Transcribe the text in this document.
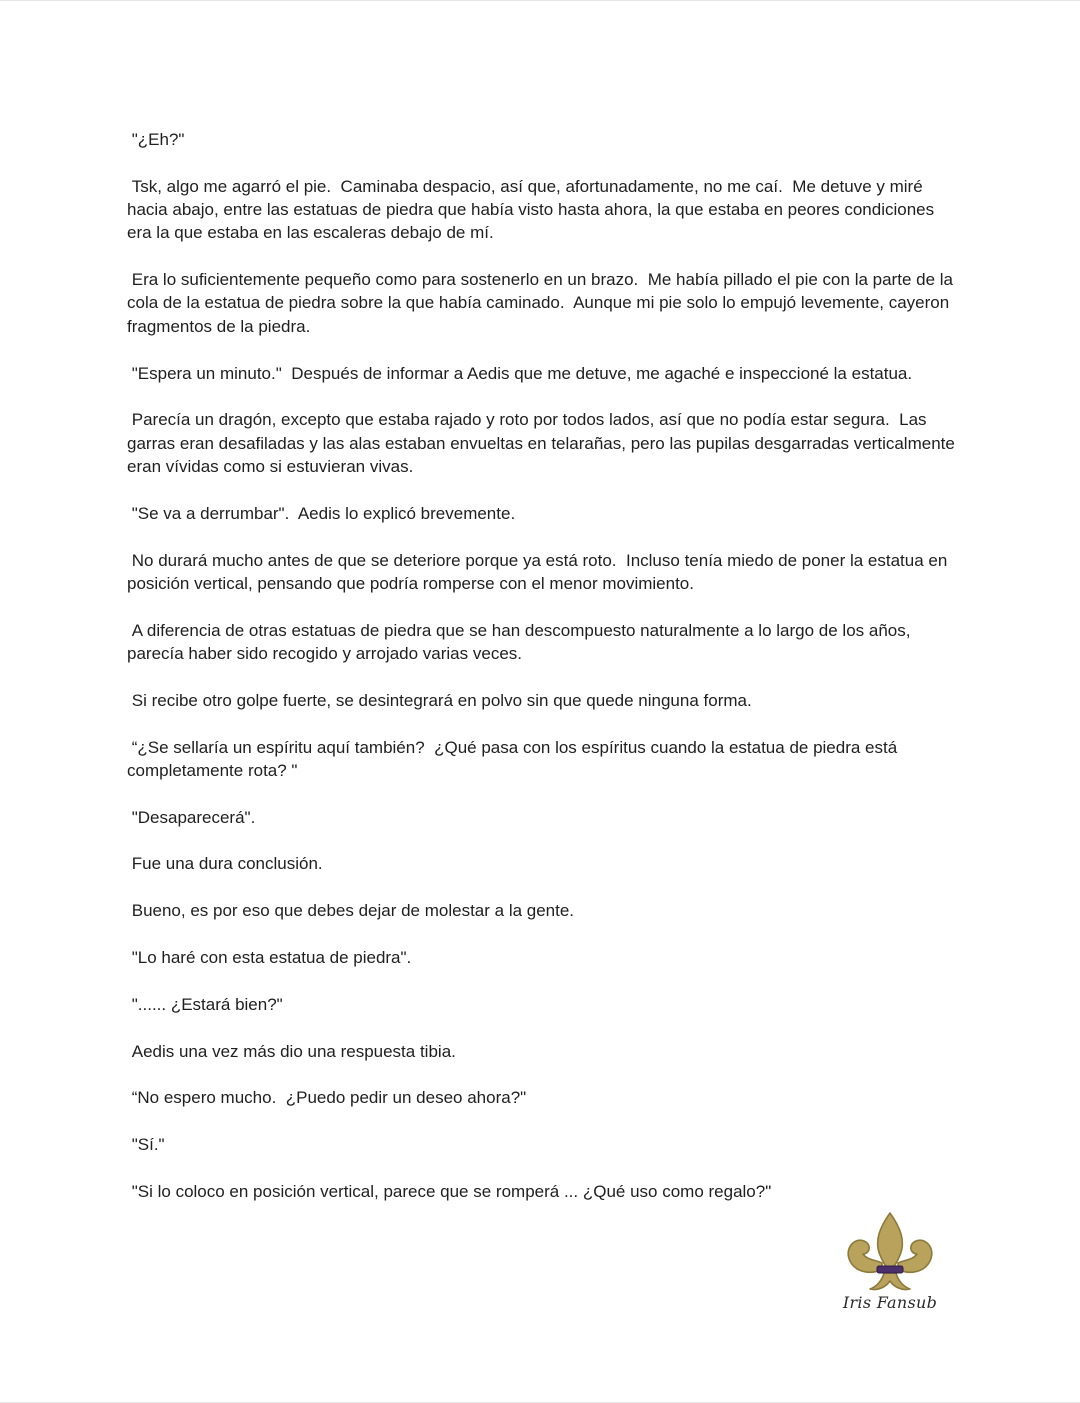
"¿Eh?"

Tsk, algo me agarró el pie.  Caminaba despacio, así que, afortunadamente, no me caí.  Me detuve y miré hacia abajo, entre las estatuas de piedra que había visto hasta ahora, la que estaba en peores condiciones era la que estaba en las escaleras debajo de mí.

Era lo suficientemente pequeño como para sostenerlo en un brazo.  Me había pillado el pie con la parte de la cola de la estatua de piedra sobre la que había caminado.  Aunque mi pie solo lo empujó levemente, cayeron fragmentos de la piedra.

"Espera un minuto."  Después de informar a Aedis que me detuve, me agaché e inspeccioné la estatua.

Parecía un dragón, excepto que estaba rajado y roto por todos lados, así que no podía estar segura.  Las garras eran desafiladas y las alas estaban envueltas en telarañas, pero las pupilas desgarradas verticalmente eran vívidas como si estuvieran vivas.

"Se va a derrumbar".  Aedis lo explicó brevemente.

No durará mucho antes de que se deteriore porque ya está roto.  Incluso tenía miedo de poner la estatua en posición vertical, pensando que podría romperse con el menor movimiento.

A diferencia de otras estatuas de piedra que se han descompuesto naturalmente a lo largo de los años, parecía haber sido recogido y arrojado varias veces.

Si recibe otro golpe fuerte, se desintegrará en polvo sin que quede ninguna forma.

“¿Se sellaría un espíritu aquí también?  ¿Qué pasa con los espíritus cuando la estatua de piedra está completamente rota? "

"Desaparecerá".

Fue una dura conclusión.

Bueno, es por eso que debes dejar de molestar a la gente.

"Lo haré con esta estatua de piedra".

"...... ¿Estará bien?"

Aedis una vez más dio una respuesta tibia.

“No espero mucho.  ¿Puedo pedir un deseo ahora?"

"Sí."

"Si lo coloco en posición vertical, parece que se romperá ... ¿Qué uso como regalo?"

Iris Fansub
